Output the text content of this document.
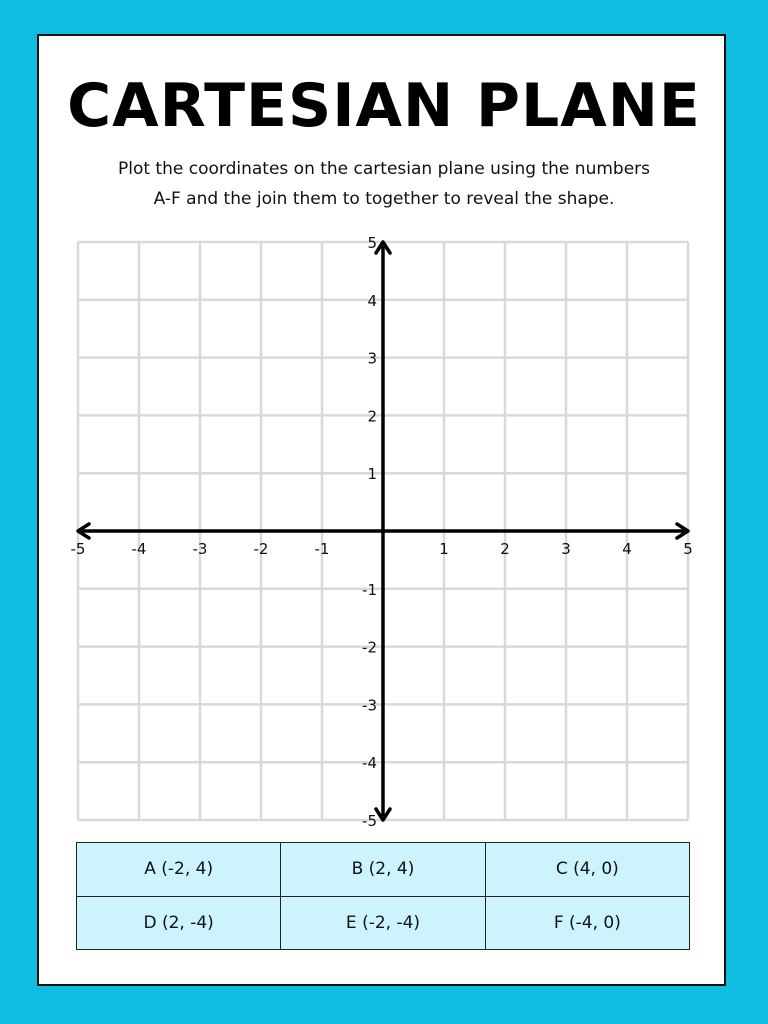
CARTESIAN PLANE
Plot the coordinates on the cartesian plane using the numbers
A-F and the join them to together to reveal the shape.
-5	-4	-3	-2	-1	1	2	3	4	5
5
4
3
2
1
-1
-2
-3
-4
-5
A (-2, 4)	B (2, 4)	C (4, 0)
D (2, -4)	E (-2, -4)	F (-4, 0)
